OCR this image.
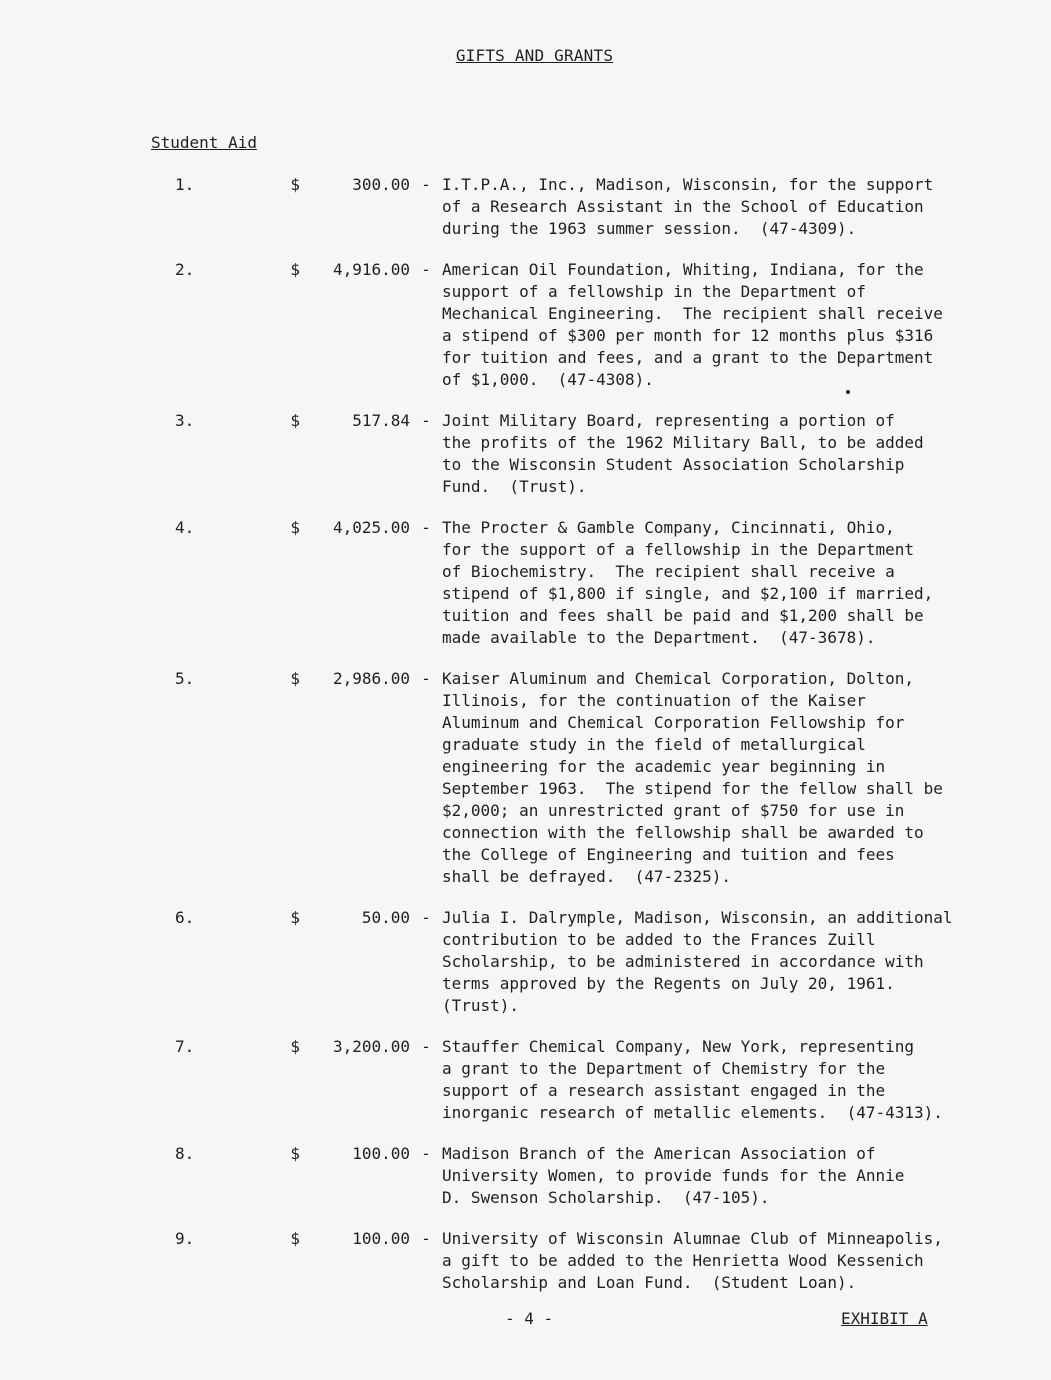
GIFTS AND GRANTS
Student Aid
1.	$	300.00 - I.T.P.A., Inc., Madison, Wisconsin, for the support
of a Research Assistant in the School of Education
during the 1963 summer session.  (47-4309).
2.	$	4,916.00 - American Oil Foundation, Whiting, Indiana, for the
support of a fellowship in the Department of
Mechanical Engineering.  The recipient shall receive
a stipend of $300 per month for 12 months plus $316
for tuition and fees, and a grant to the Department
of $1,000.  (47-4308).
3.	$	517.84 - Joint Military Board, representing a portion of
the profits of the 1962 Military Ball, to be added
to the Wisconsin Student Association Scholarship
Fund.  (Trust).
4.	$	4,025.00 - The Procter & Gamble Company, Cincinnati, Ohio,
for the support of a fellowship in the Department
of Biochemistry.  The recipient shall receive a
stipend of $1,800 if single, and $2,100 if married,
tuition and fees shall be paid and $1,200 shall be
made available to the Department.  (47-3678).
5.	$	2,986.00 - Kaiser Aluminum and Chemical Corporation, Dolton,
Illinois, for the continuation of the Kaiser
Aluminum and Chemical Corporation Fellowship for
graduate study in the field of metallurgical
engineering for the academic year beginning in
September 1963.  The stipend for the fellow shall be
$2,000; an unrestricted grant of $750 for use in
connection with the fellowship shall be awarded to
the College of Engineering and tuition and fees
shall be defrayed.  (47-2325).
6.	$	50.00 - Julia I. Dalrymple, Madison, Wisconsin, an additional
contribution to be added to the Frances Zuill
Scholarship, to be administered in accordance with
terms approved by the Regents on July 20, 1961.
(Trust).
7.	$	3,200.00 - Stauffer Chemical Company, New York, representing
a grant to the Department of Chemistry for the
support of a research assistant engaged in the
inorganic research of metallic elements.  (47-4313).
8.	$	100.00 - Madison Branch of the American Association of
University Women, to provide funds for the Annie
D. Swenson Scholarship.  (47-105).
9.	$	100.00 - University of Wisconsin Alumnae Club of Minneapolis,
a gift to be added to the Henrietta Wood Kessenich
Scholarship and Loan Fund.  (Student Loan).
- 4 -	EXHIBIT A
